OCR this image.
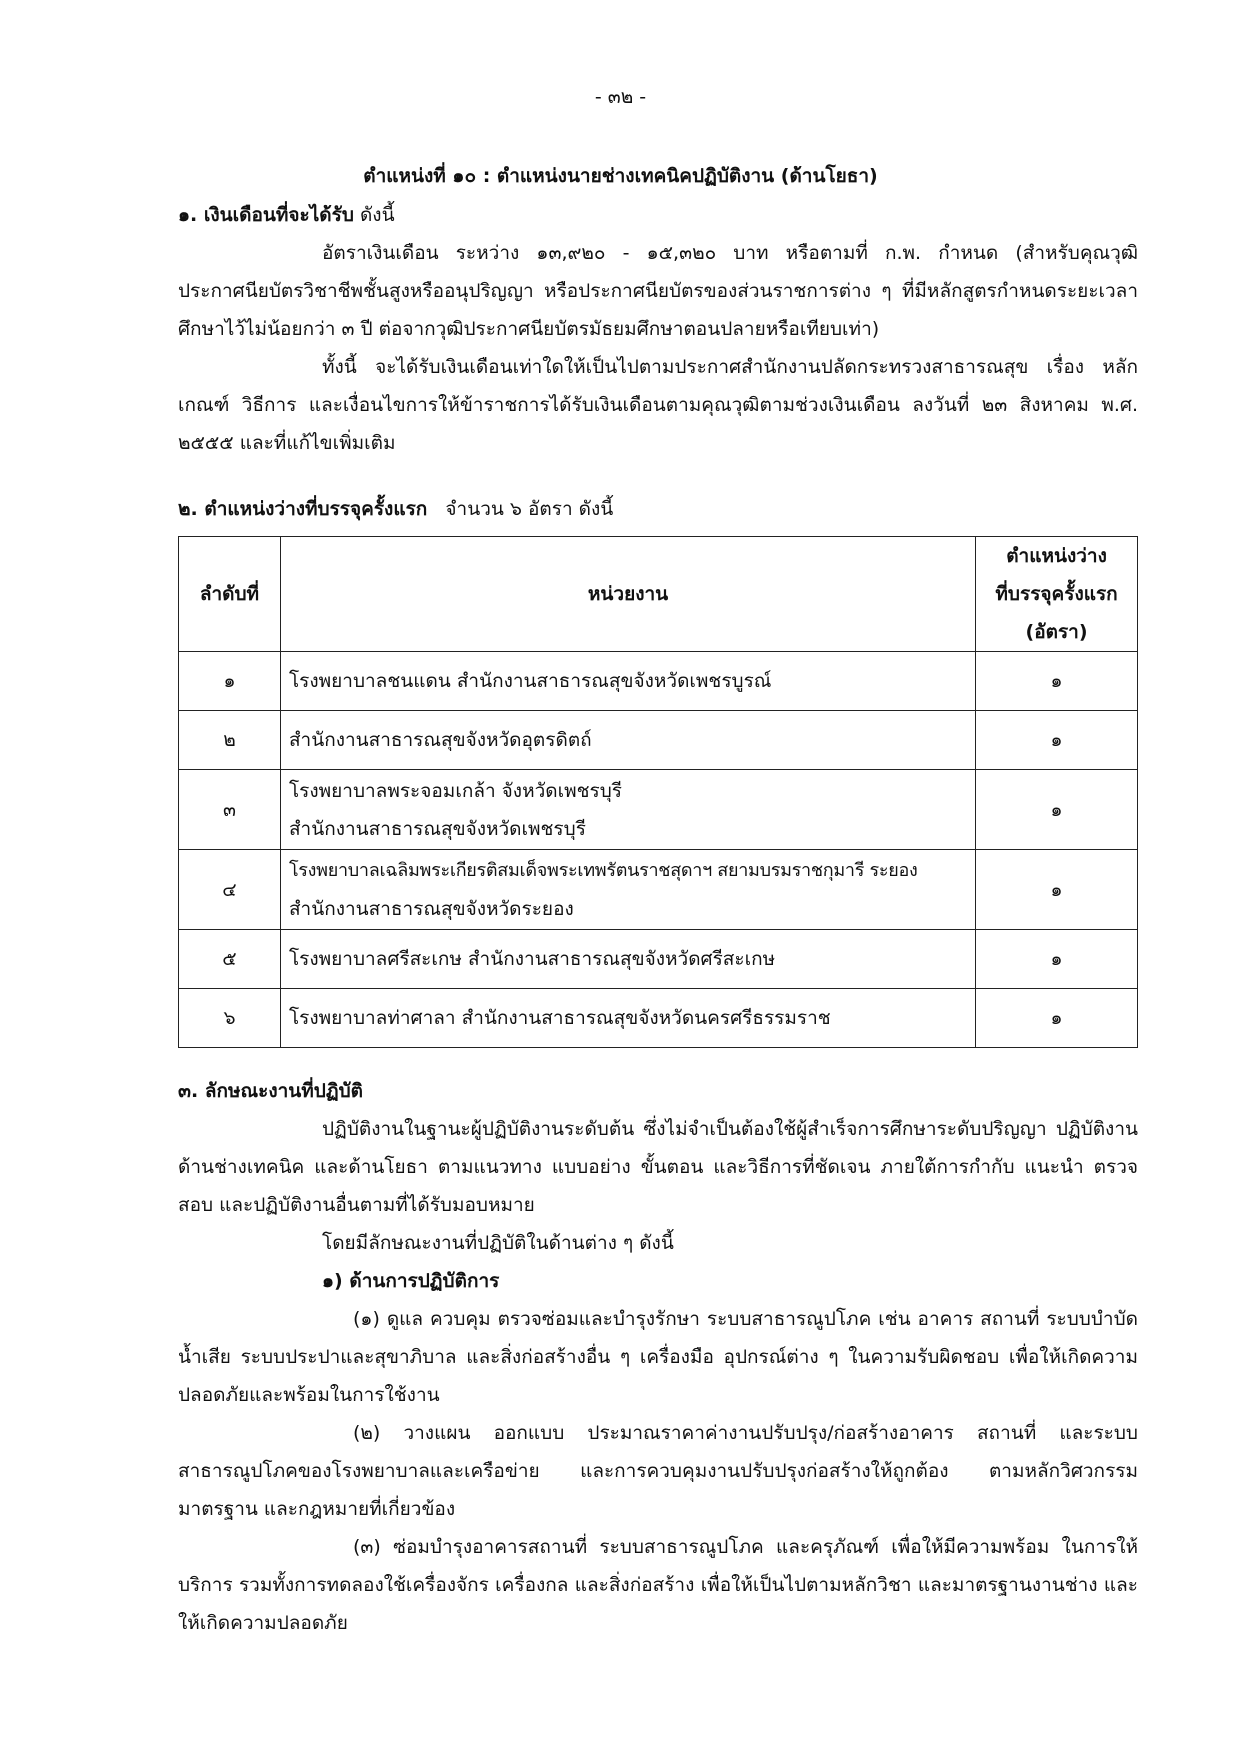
- ๓๒ -
ตำแหน่งที่ ๑๐ : ตำแหน่งนายช่างเทคนิคปฏิบัติงาน (ด้านโยธา)
๑. เงินเดือนที่จะได้รับ ดังนี้
อัตราเงินเดือน ระหว่าง ๑๓,๙๒๐ - ๑๕,๓๒๐ บาท หรือตามที่ ก.พ. กำหนด (สำหรับคุณวุฒิประกาศนียบัตรวิชาชีพชั้นสูงหรืออนุปริญญา หรือประกาศนียบัตรของส่วนราชการต่าง ๆ ที่มีหลักสูตรกำหนดระยะเวลาศึกษาไว้ไม่น้อยกว่า ๓ ปี ต่อจากวุฒิประกาศนียบัตรมัธยมศึกษาตอนปลายหรือเทียบเท่า)
ทั้งนี้ จะได้รับเงินเดือนเท่าใดให้เป็นไปตามประกาศสำนักงานปลัดกระทรวงสาธารณสุข เรื่อง หลักเกณฑ์ วิธีการ และเงื่อนไขการให้ข้าราชการได้รับเงินเดือนตามคุณวุฒิตามช่วงเงินเดือน ลงวันที่ ๒๓ สิงหาคม พ.ศ. ๒๕๕๕ และที่แก้ไขเพิ่มเติม
๒. ตำแหน่งว่างที่บรรจุครั้งแรก   จำนวน ๖ อัตรา ดังนี้
ลำดับที่	หน่วยงาน	ตำแหน่งว่าง
ที่บรรจุครั้งแรก
(อัตรา)

๑	โรงพยาบาลชนแดน สำนักงานสาธารณสุขจังหวัดเพชรบูรณ์	๑
๒	สำนักงานสาธารณสุขจังหวัดอุตรดิตถ์	๑
๓	โรงพยาบาลพระจอมเกล้า จังหวัดเพชรบุรี
สำนักงานสาธารณสุขจังหวัดเพชรบุรี	๑
๔	โรงพยาบาลเฉลิมพระเกียรติสมเด็จพระเทพรัตนราชสุดาฯ สยามบรมราชกุมารี ระยอง
สำนักงานสาธารณสุขจังหวัดระยอง	๑
๕	โรงพยาบาลศรีสะเกษ สำนักงานสาธารณสุขจังหวัดศรีสะเกษ	๑
๖	โรงพยาบาลท่าศาลา สำนักงานสาธารณสุขจังหวัดนครศรีธรรมราช	๑
๓. ลักษณะงานที่ปฏิบัติ
ปฏิบัติงานในฐานะผู้ปฏิบัติงานระดับต้น ซึ่งไม่จำเป็นต้องใช้ผู้สำเร็จการศึกษาระดับปริญญา ปฏิบัติงานด้านช่างเทคนิค และด้านโยธา ตามแนวทาง แบบอย่าง ขั้นตอน และวิธีการที่ชัดเจน ภายใต้การกำกับ แนะนำ ตรวจสอบ และปฏิบัติงานอื่นตามที่ได้รับมอบหมาย
โดยมีลักษณะงานที่ปฏิบัติในด้านต่าง ๆ ดังนี้
๑) ด้านการปฏิบัติการ
(๑) ดูแล ควบคุม ตรวจซ่อมและบำรุงรักษา ระบบสาธารณูปโภค เช่น อาคาร สถานที่ ระบบบำบัดน้ำเสีย ระบบประปาและสุขาภิบาล และสิ่งก่อสร้างอื่น ๆ เครื่องมือ อุปกรณ์ต่าง ๆ ในความรับผิดชอบ เพื่อให้เกิดความปลอดภัยและพร้อมในการใช้งาน
(๒) วางแผน ออกแบบ ประมาณราคาค่างานปรับปรุง/ก่อสร้างอาคาร สถานที่ และระบบสาธารณูปโภคของโรงพยาบาลและเครือข่าย และการควบคุมงานปรับปรุงก่อสร้างให้ถูกต้อง ตามหลักวิศวกรรมมาตรฐาน และกฎหมายที่เกี่ยวข้อง
(๓) ซ่อมบำรุงอาคารสถานที่ ระบบสาธารณูปโภค และครุภัณฑ์ เพื่อให้มีความพร้อม ในการให้บริการ รวมทั้งการทดลองใช้เครื่องจักร เครื่องกล และสิ่งก่อสร้าง เพื่อให้เป็นไปตามหลักวิชา และมาตรฐานงานช่าง และให้เกิดความปลอดภัย
